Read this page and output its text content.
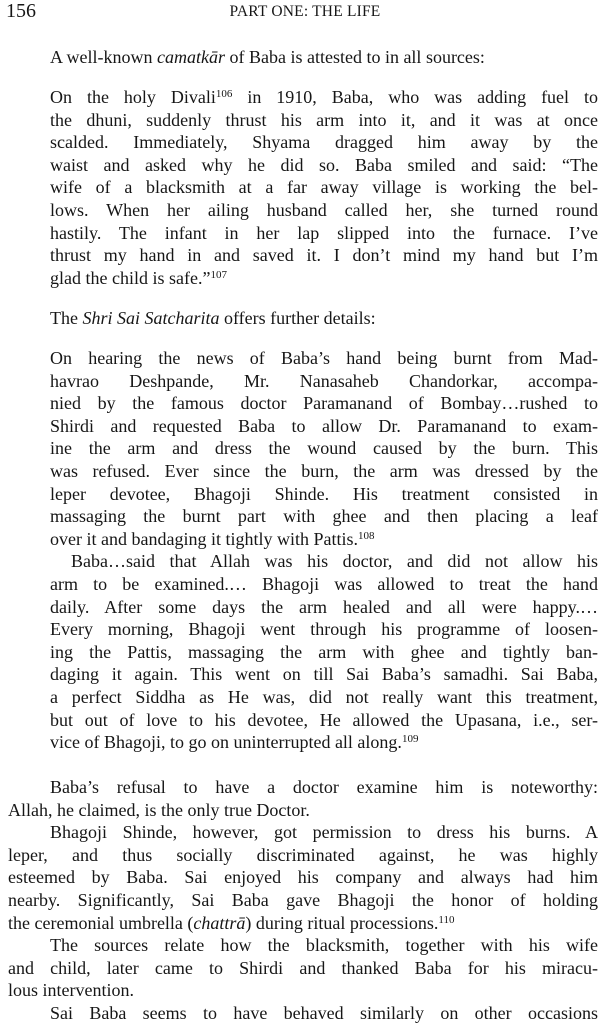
156	PART ONE: THE LIFE
A well-known camatkār of Baba is attested to in all sources:
On the holy Divali$^{106}$ in 1910, Baba, who was adding fuel to
the dhuni, suddenly thrust his arm into it, and it was at once
scalded. Immediately, Shyama dragged him away by the
waist and asked why he did so. Baba smiled and said: “The
wife of a blacksmith at a far away village is working the bel-
lows. When her ailing husband called her, she turned round
hastily. The infant in her lap slipped into the furnace. I’ve
thrust my hand in and saved it. I don’t mind my hand but I’m
glad the child is safe.”$^{107}$
The Shri Sai Satcharita offers further details:
On hearing the news of Baba’s hand being burnt from Mad-
havrao Deshpande, Mr. Nanasaheb Chandorkar, accompa-
nied by the famous doctor Paramanand of Bombay…rushed to
Shirdi and requested Baba to allow Dr. Paramanand to exam-
ine the arm and dress the wound caused by the burn. This
was refused. Ever since the burn, the arm was dressed by the
leper devotee, Bhagoji Shinde. His treatment consisted in
massaging the burnt part with ghee and then placing a leaf
over it and bandaging it tightly with Pattis.$^{108}$
Baba…said that Allah was his doctor, and did not allow his
arm to be examined.… Bhagoji was allowed to treat the hand
daily. After some days the arm healed and all were happy.…
Every morning, Bhagoji went through his programme of loosen-
ing the Pattis, massaging the arm with ghee and tightly ban-
daging it again. This went on till Sai Baba’s samadhi. Sai Baba,
a perfect Siddha as He was, did not really want this treatment,
but out of love to his devotee, He allowed the Upasana, i.e., ser-
vice of Bhagoji, to go on uninterrupted all along.$^{109}$
Baba’s refusal to have a doctor examine him is noteworthy:
Allah, he claimed, is the only true Doctor.
Bhagoji Shinde, however, got permission to dress his burns. A
leper, and thus socially discriminated against, he was highly
esteemed by Baba. Sai enjoyed his company and always had him
nearby. Significantly, Sai Baba gave Bhagoji the honor of holding
the ceremonial umbrella (chattrā) during ritual processions.$^{110}$
The sources relate how the blacksmith, together with his wife
and child, later came to Shirdi and thanked Baba for his miracu-
lous intervention.
Sai Baba seems to have behaved similarly on other occasions
